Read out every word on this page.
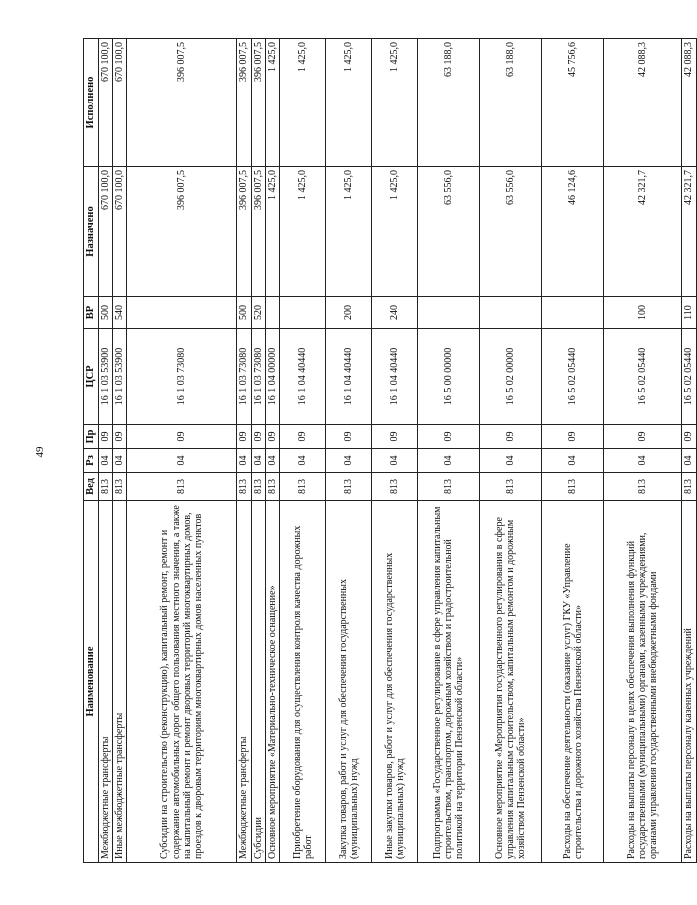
49
Наименование	Вед	Рз	Пр	ЦСР	ВР	Назначено	Исполнено
Межбюджетные трансферты	813	04	09	16 1 03 53900	500	670 100,0	670 100,0
Иные межбюджетные трансферты	813	04	09	16 1 03 53900	540	670 100,0	670 100,0
Субсидии на строительство (реконструкцию), капитальный ремонт, ремонт и содержание автомобильных дорог общего пользования местного значения, а также на капитальный ремонт и ремонт дворовых территорий многоквартирных домов, проездов к дворовым территориям многоквартирных домов населенных пунктов	813	04	09	16 1 03 73080		396 007,5	396 007,5
Межбюджетные трансферты	813	04	09	16 1 03 73080	500	396 007,5	396 007,5
Субсидии	813	04	09	16 1 03 73080	520	396 007,5	396 007,5
Основное мероприятие «Материально-техническое оснащение»	813	04	09	16 1 04 00000		1 425,0	1 425,0
Приобретение оборудования для осуществления контроля качества дорожных работ	813	04	09	16 1 04 40440		1 425,0	1 425,0
Закупка товаров, работ и услуг для обеспечения государственных (муниципальных) нужд	813	04	09	16 1 04 40440	200	1 425,0	1 425,0
Иные закупки товаров, работ и услуг для обеспечения государственных (муниципальных) нужд	813	04	09	16 1 04 40440	240	1 425,0	1 425,0
Подпрограмма «Государственное регулирование в сфере управления капитальным строительством, транспортом, дорожным хозяйством и градостроительной политикой на территории Пензенской области»	813	04	09	16 5 00 00000		63 556,0	63 188,0
Основное мероприятие «Мероприятия государственного регулирования в сфере управления капитальным строительством, капитальным ремонтом и дорожным хозяйством Пензенской области»	813	04	09	16 5 02 00000		63 556,0	63 188,0
Расходы на обеспечение деятельности (оказание услуг) ГКУ «Управление строительства и дорожного хозяйства Пензенской области»	813	04	09	16 5 02 05440		46 124,6	45 756,6
Расходы на выплаты персоналу в целях обеспечения выполнения функций государственными (муниципальными) органами, казенными учреждениями, органами управления государственными внебюджетными фондами	813	04	09	16 5 02 05440	100	42 321,7	42 088,3
Расходы на выплаты персоналу казенных учреждений	813	04	09	16 5 02 05440	110	42 321,7	42 088,3
